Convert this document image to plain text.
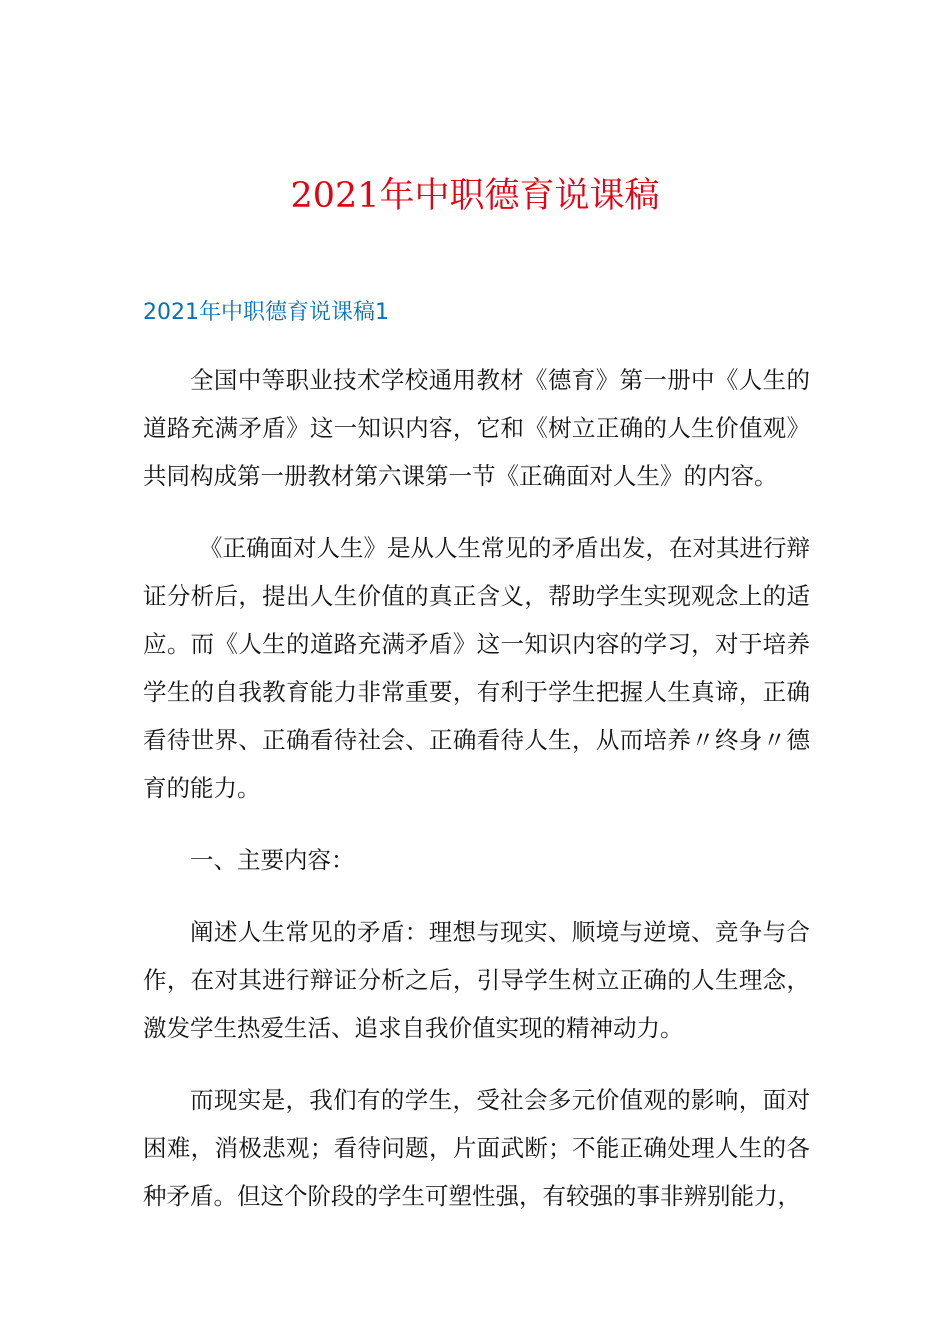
2021年中职德育说课稿
2021年中职德育说课稿1

全国中等职业技术学校通用教材《德育》第一册中《人生的道路充满矛盾》这一知识内容，它和《树立正确的人生价值观》共同构成第一册教材第六课第一节《正确面对人生》的内容。

《正确面对人生》是从人生常见的矛盾出发，在对其进行辩证分析后，提出人生价值的真正含义，帮助学生实现观念上的适应。而《人生的道路充满矛盾》这一知识内容的学习，对于培养学生的自我教育能力非常重要，有利于学生把握人生真谛，正确看待世界、正确看待社会、正确看待人生，从而培养〃终身〃德育的能力。

一、主要内容：

阐述人生常见的矛盾：理想与现实、顺境与逆境、竞争与合作，在对其进行辩证分析之后，引导学生树立正确的人生理念，激发学生热爱生活、追求自我价值实现的精神动力。

而现实是，我们有的学生，受社会多元价值观的影响，面对困难，消极悲观；看待问题，片面武断；不能正确处理人生的各种矛盾。但这个阶段的学生可塑性强，有较强的事非辨别能力，
